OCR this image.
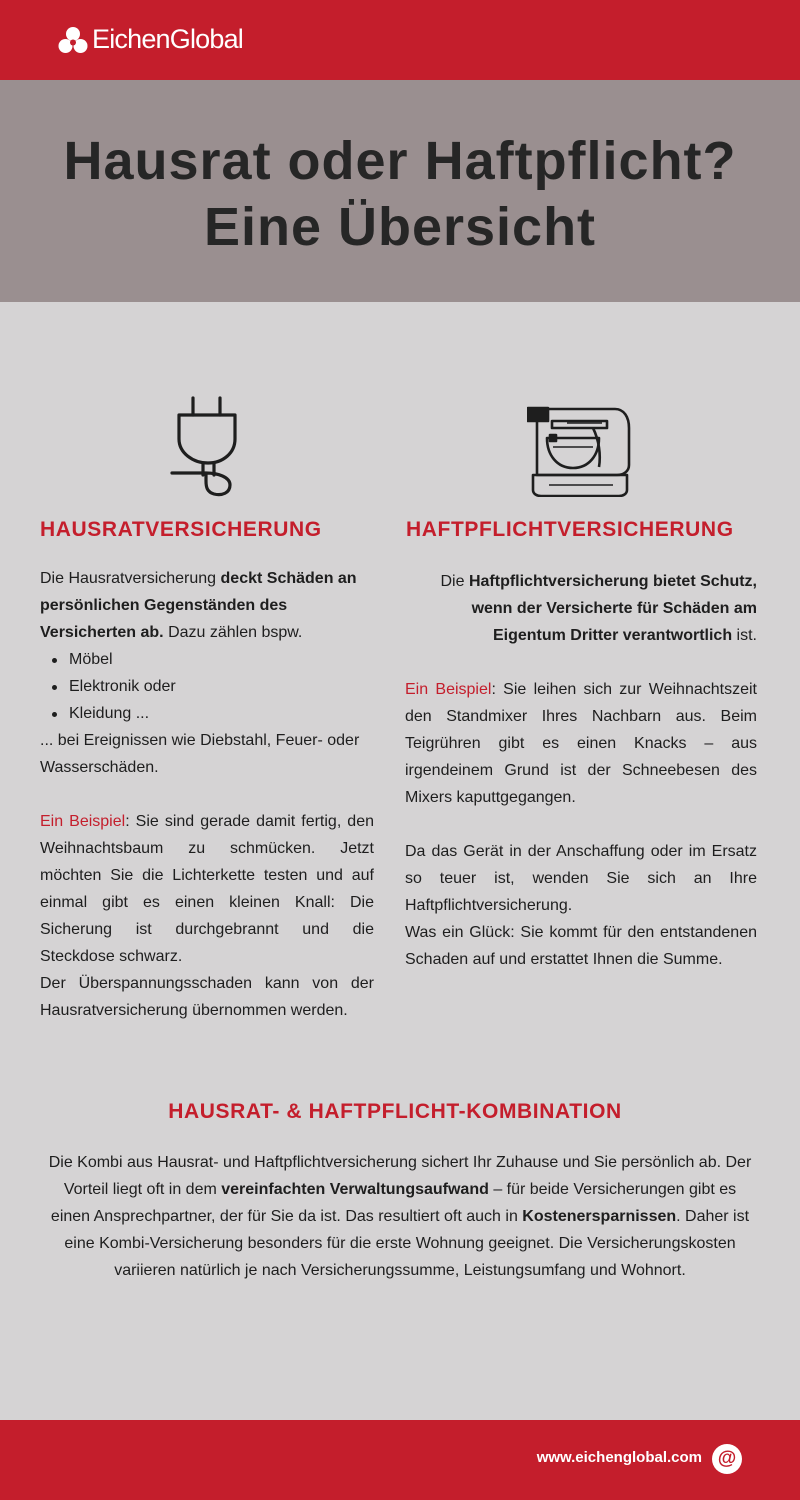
EichenGlobal
Hausrat oder Haftpflicht?
Eine Übersicht
HAUSRATVERSICHERUNG	HAFTPFLICHTVERSICHERUNG

Die Hausratversicherung deckt Schäden an persönlichen Gegenständen des Versicherten ab. Dazu zählen bspw.

Möbel
Elektronik oder
Kleidung ...

... bei Ereignissen wie Diebstahl, Feuer- oder Wasserschäden.

Ein Beispiel: Sie sind gerade damit fertig, den Weihnachtsbaum zu schmücken. Jetzt möchten Sie die Lichterkette testen und auf einmal gibt es einen kleinen Knall: Die Sicherung ist durchgebrannt und die Steckdose schwarz.

Der Überspannungsschaden kann von der Hausratversicherung übernommen werden.

Die Haftpflichtversicherung bietet Schutz, wenn der Versicherte für Schäden am Eigentum Dritter verantwortlich ist.

Ein Beispiel: Sie leihen sich zur Weihnachtszeit den Standmixer Ihres Nachbarn aus. Beim Teigrühren gibt es einen Knacks – aus irgendeinem Grund ist der Schneebesen des Mixers kaputtgegangen.

Da das Gerät in der Anschaffung oder im Ersatz so teuer ist, wenden Sie sich an Ihre Haftpflichtversicherung.

Was ein Glück: Sie kommt für den entstandenen Schaden auf und erstattet Ihnen die Summe.

HAUSRAT- & HAFTPFLICHT-KOMBINATION

Die Kombi aus Hausrat- und Haftpflichtversicherung sichert Ihr Zuhause und Sie persönlich ab. Der Vorteil liegt oft in dem vereinfachten Verwaltungsaufwand – für beide Versicherungen gibt es einen Ansprechpartner, der für Sie da ist. Das resultiert oft auch in Kostenersparnissen. Daher ist eine Kombi-Versicherung besonders für die erste Wohnung geeignet. Die Versicherungskosten variieren natürlich je nach Versicherungssumme, Leistungsumfang und Wohnort.

www.eichenglobal.com @
